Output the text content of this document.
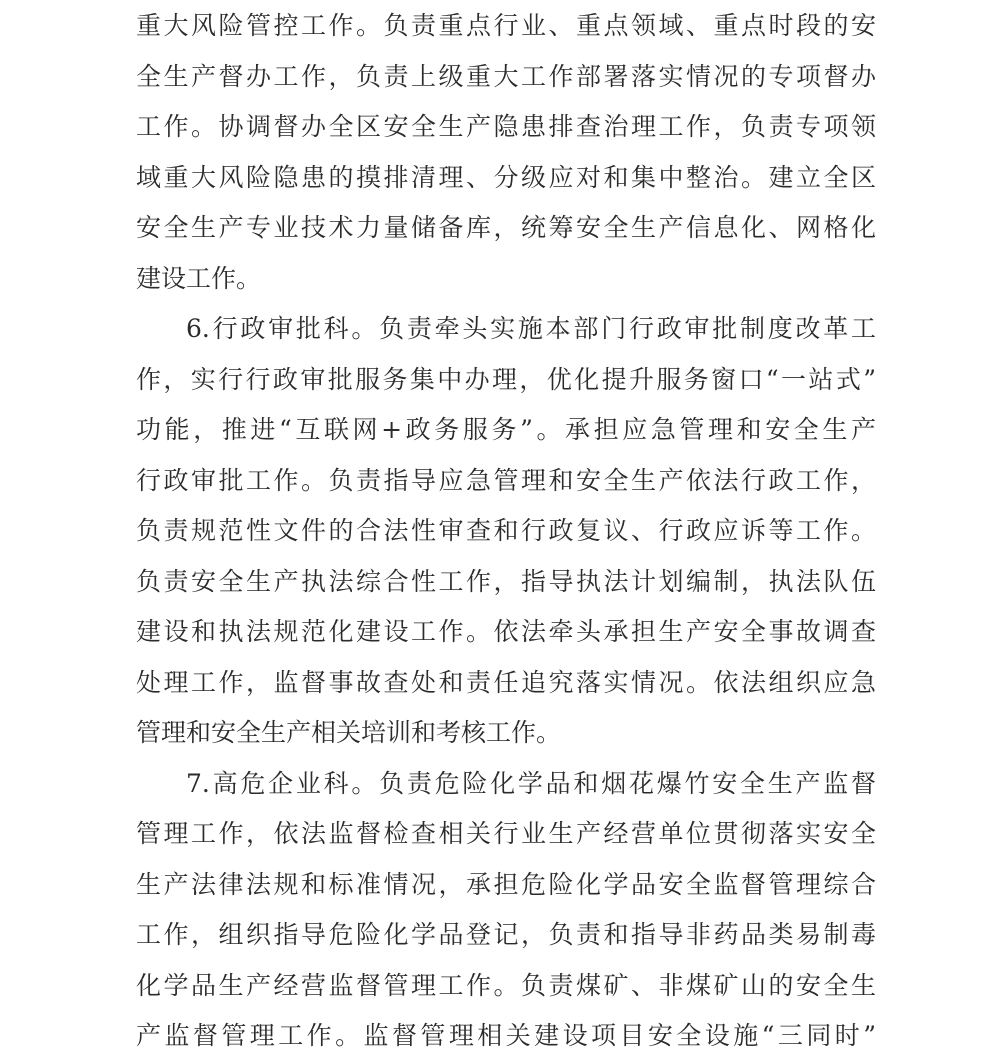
重大风险管控工作。负责重点行业、重点领域、重点时段的安
全生产督办工作，负责上级重大工作部署落实情况的专项督办
工作。协调督办全区安全生产隐患排查治理工作，负责专项领
域重大风险隐患的摸排清理、分级应对和集中整治。建立全区
安全生产专业技术力量储备库，统筹安全生产信息化、网格化
建设工作。
6.行政审批科。负责牵头实施本部门行政审批制度改革工
作，实行行政审批服务集中办理，优化提升服务窗口“一站式”
功能，推进“互联网+政务服务”。承担应急管理和安全生产
行政审批工作。负责指导应急管理和安全生产依法行政工作，
负责规范性文件的合法性审查和行政复议、行政应诉等工作。
负责安全生产执法综合性工作，指导执法计划编制，执法队伍
建设和执法规范化建设工作。依法牵头承担生产安全事故调查
处理工作，监督事故查处和责任追究落实情况。依法组织应急
管理和安全生产相关培训和考核工作。
7.高危企业科。负责危险化学品和烟花爆竹安全生产监督
管理工作，依法监督检查相关行业生产经营单位贯彻落实安全
生产法律法规和标准情况，承担危险化学品安全监督管理综合
工作，组织指导危险化学品登记，负责和指导非药品类易制毒
化学品生产经营监督管理工作。负责煤矿、非煤矿山的安全生
产监督管理工作。监督管理相关建设项目安全设施“三同时”
